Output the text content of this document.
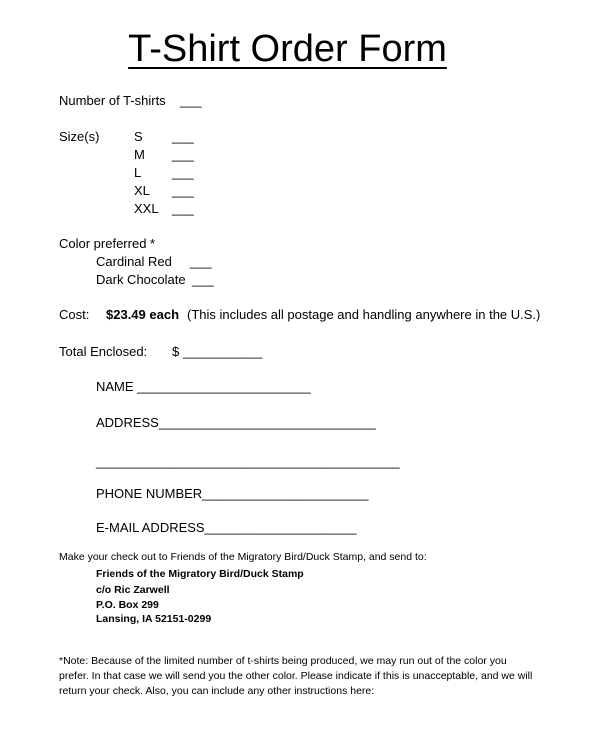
T-Shirt Order Form
Number of T-shirts ___
Size(s)	S ___
M ___
L ___
XL ___
XXL ___
Color preferred *
Cardinal Red ___
Dark Chocolate ___
Cost: $23.49 each (This includes all postage and handling anywhere in the U.S.)
Total Enclosed: $ ___________
NAME ________________________
ADDRESS______________________________
__________________________________________
PHONE NUMBER_______________________
E-MAIL ADDRESS_____________________
Make your check out to Friends of the Migratory Bird/Duck Stamp, and send to:
Friends of the Migratory Bird/Duck Stamp
c/o Ric Zarwell
P.O. Box 299
Lansing, IA 52151-0299
*Note: Because of the limited number of t-shirts being produced, we may run out of the color you
prefer. In that case we will send you the other color. Please indicate if this is unacceptable, and we will
return your check. Also, you can include any other instructions here:
